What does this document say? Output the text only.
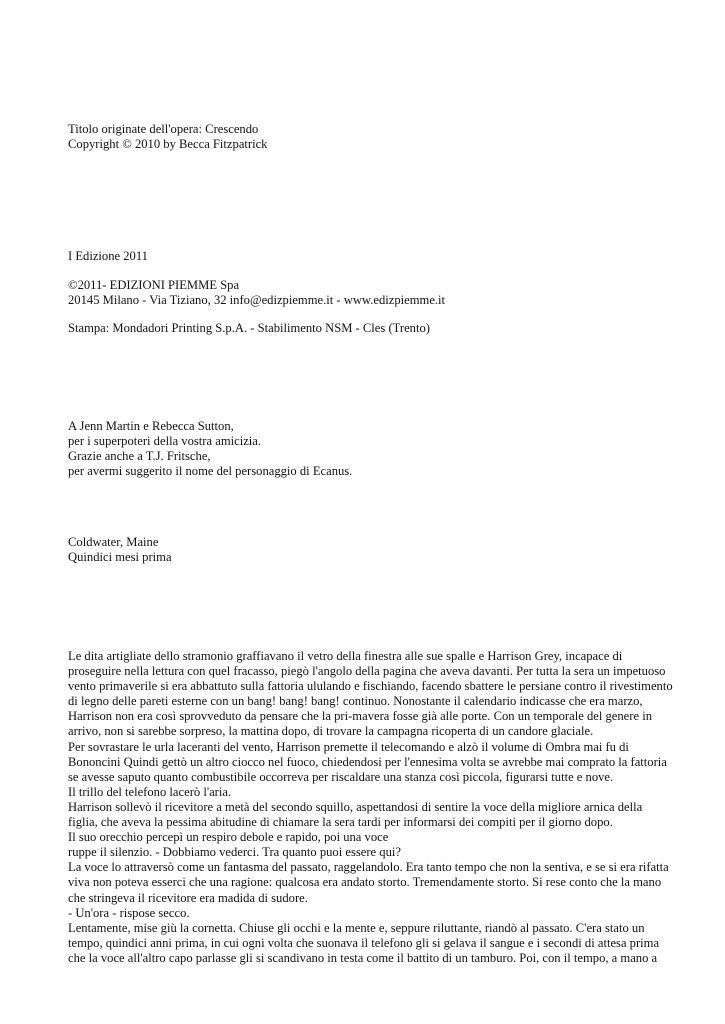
Titolo originate dell'opera: Crescendo
Copyright © 2010 by Becca Fitzpatrick
I Edizione 2011
©2011- EDIZIONI PIEMME Spa
20145 Milano - Via Tiziano, 32 info@edizpiemme.it - www.edizpiemme.it
Stampa: Mondadori Printing S.p.A. - Stabilimento NSM - Cles (Trento)
A Jenn Martin e Rebecca Sutton,
per i superpoteri della vostra amicizia.
Grazie anche a T.J. Fritsche,
per avermi suggerito il nome del personaggio di Ecanus.
Coldwater, Maine
Quindici mesi prima
Le dita artigliate dello stramonio graffiavano il vetro della finestra alle sue spalle e Harrison Grey, incapace di
proseguire nella lettura con quel fracasso, piegò l'angolo della pagina che aveva davanti. Per tutta la sera un impetuoso
vento primaverile si era abbattuto sulla fattoria ululando e fischiando, facendo sbattere le persiane contro il rivestimento
di legno delle pareti esterne con un bang! bang! bang! continuo. Nonostante il calendario indicasse che era marzo,
Harrison non era così sprovveduto da pensare che la pri-mavera fosse già alle porte. Con un temporale del genere in
arrivo, non si sarebbe sorpreso, la mattina dopo, di trovare la campagna ricoperta di un candore glaciale.
Per sovrastare le urla laceranti del vento, Harrison premette il telecomando e alzò il volume di Ombra mai fu di
Bononcini Quindi gettò un altro ciocco nel fuoco, chiedendosi per l'ennesima volta se avrebbe mai comprato la fattoria
se avesse saputo quanto combustibile occorreva per riscaldare una stanza così piccola, figurarsi tutte e nove.
Il trillo del telefono lacerò l'aria.
Harrison sollevò il ricevitore a metà del secondo squillo, aspettandosi di sentire la voce della migliore arnica della
figlia, che aveva la pessima abitudine di chiamare la sera tardi per informarsi dei compiti per il giorno dopo.
Il suo orecchio percepì un respiro debole e rapido, poi una voce
ruppe il silenzio. - Dobbiamo vederci. Tra quanto puoi essere qui?
La voce lo attraversò come un fantasma del passato, raggelandolo. Era tanto tempo che non la sentiva, e se si era rifatta
viva non poteva esserci che una ragione: qualcosa era andato storto. Tremendamente storto. Si rese conto che la mano
che stringeva il ricevitore era madida di sudore.
- Un'ora - rispose secco.
Lentamente, mise giù la cornetta. Chiuse gli occhi e la mente e, seppure riluttante, riandò al passato. C'era stato un
tempo, quindici anni prima, in cui ogni volta che suonava il telefono gli si gelava il sangue e i secondi di attesa prima
che la voce all'altro capo parlasse gli si scandivano in testa come il battito di un tamburo. Poi, con il tempo, a mano a
